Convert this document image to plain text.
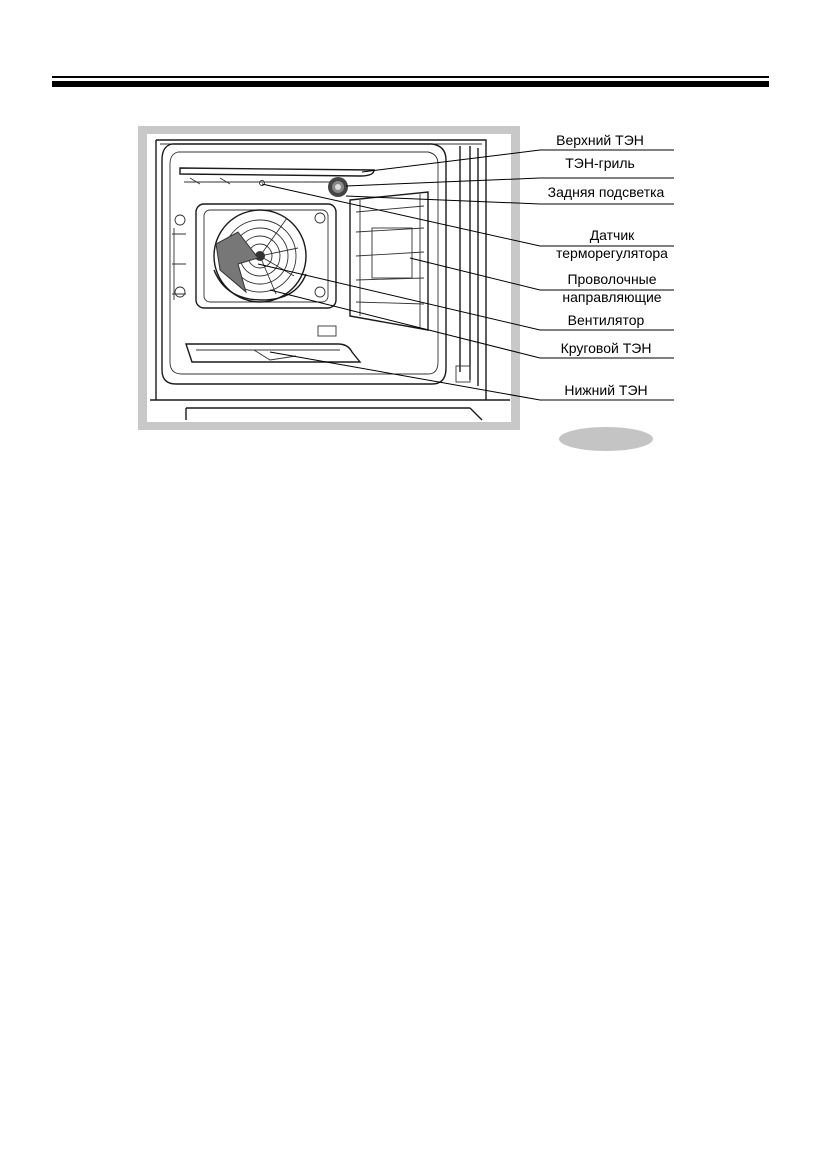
Верхний ТЭН
ТЭН-гриль
Задняя подсветка
Датчик
терморегулятора
Проволочные
направляющие
Вентилятор
Круговой ТЭН
Нижний ТЭН
